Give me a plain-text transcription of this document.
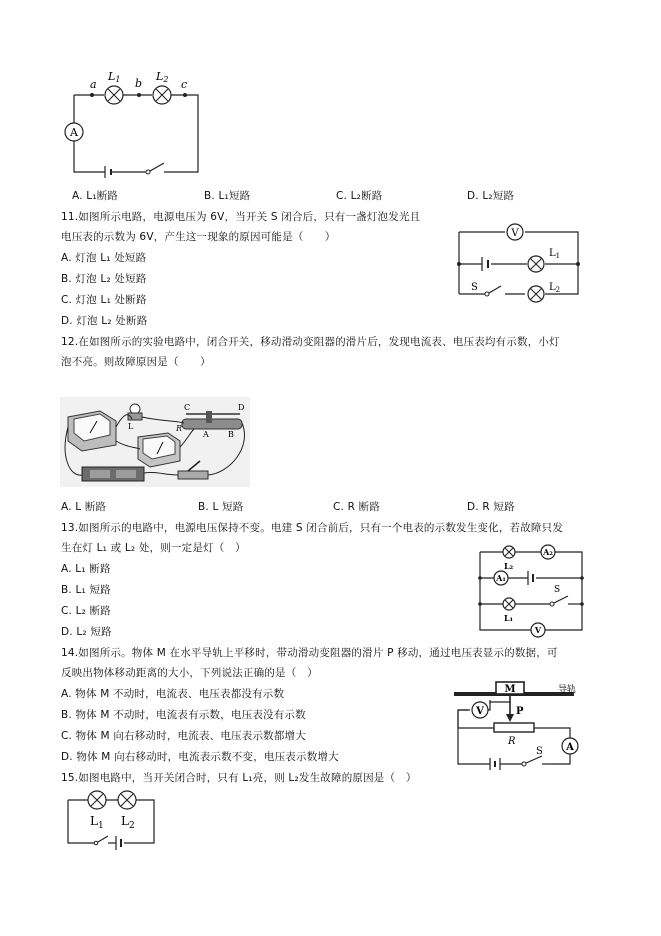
A
a	b	c
L1	L2
A. L₁断路	B. L₁短路	C. L₂断路	D. L₂短路
11.如图所示电路，电源电压为 6V，当开关 S 闭合后，只有一盏灯泡发光且
电压表的示数为 6V，产生这一现象的原因可能是（　　）
A. 灯泡 L₁ 处短路
B. 灯泡 L₂ 处短路
C. 灯泡 L₁ 处断路
D. 灯泡 L₂ 处断路
V
$L_1$
$L_2$
S
12.在如图所示的实验电路中，闭合开关，移动滑动变阻器的滑片后，发现电流表、电压表均有示数，小灯
泡不亮。则故障原因是（　　）
C	D
L	R
A B
A. L 断路	B. L 短路	C. R 断路	D. R 短路
13.如图所示的电路中，电源电压保持不变。电建 S 闭合前后，只有一个电表的示数发生变化，若故障只发
生在灯 L₁ 或 L₂ 处，则一定是灯（　）
A. L₁ 断路
B. L₁ 短路
C. L₂ 断路
D. L₂ 短路
A₂
A₁
V
L₂
L₁
S
14.如图所示。物体 M 在水平导轨上平移时，带动滑动变阻器的滑片 P 移动，通过电压表显示的数据，可
反映出物体移动距离的大小，下列说法正确的是（　）
A. 物体 M 不动时，电流表、电压表都没有示数
B. 物体 M 不动时，电流表有示数，电压表没有示数
C. 物体 M 向右移动时，电流表、电压表示数都增大
D. 物体 M 向右移动时，电流表示数不变，电压表示数增大
M	导轨
V
A
P
R
S
15.如图电路中，当开关闭合时，只有 L₁亮，则 L₂发生故障的原因是（　）
$L_1$ $L_2$
